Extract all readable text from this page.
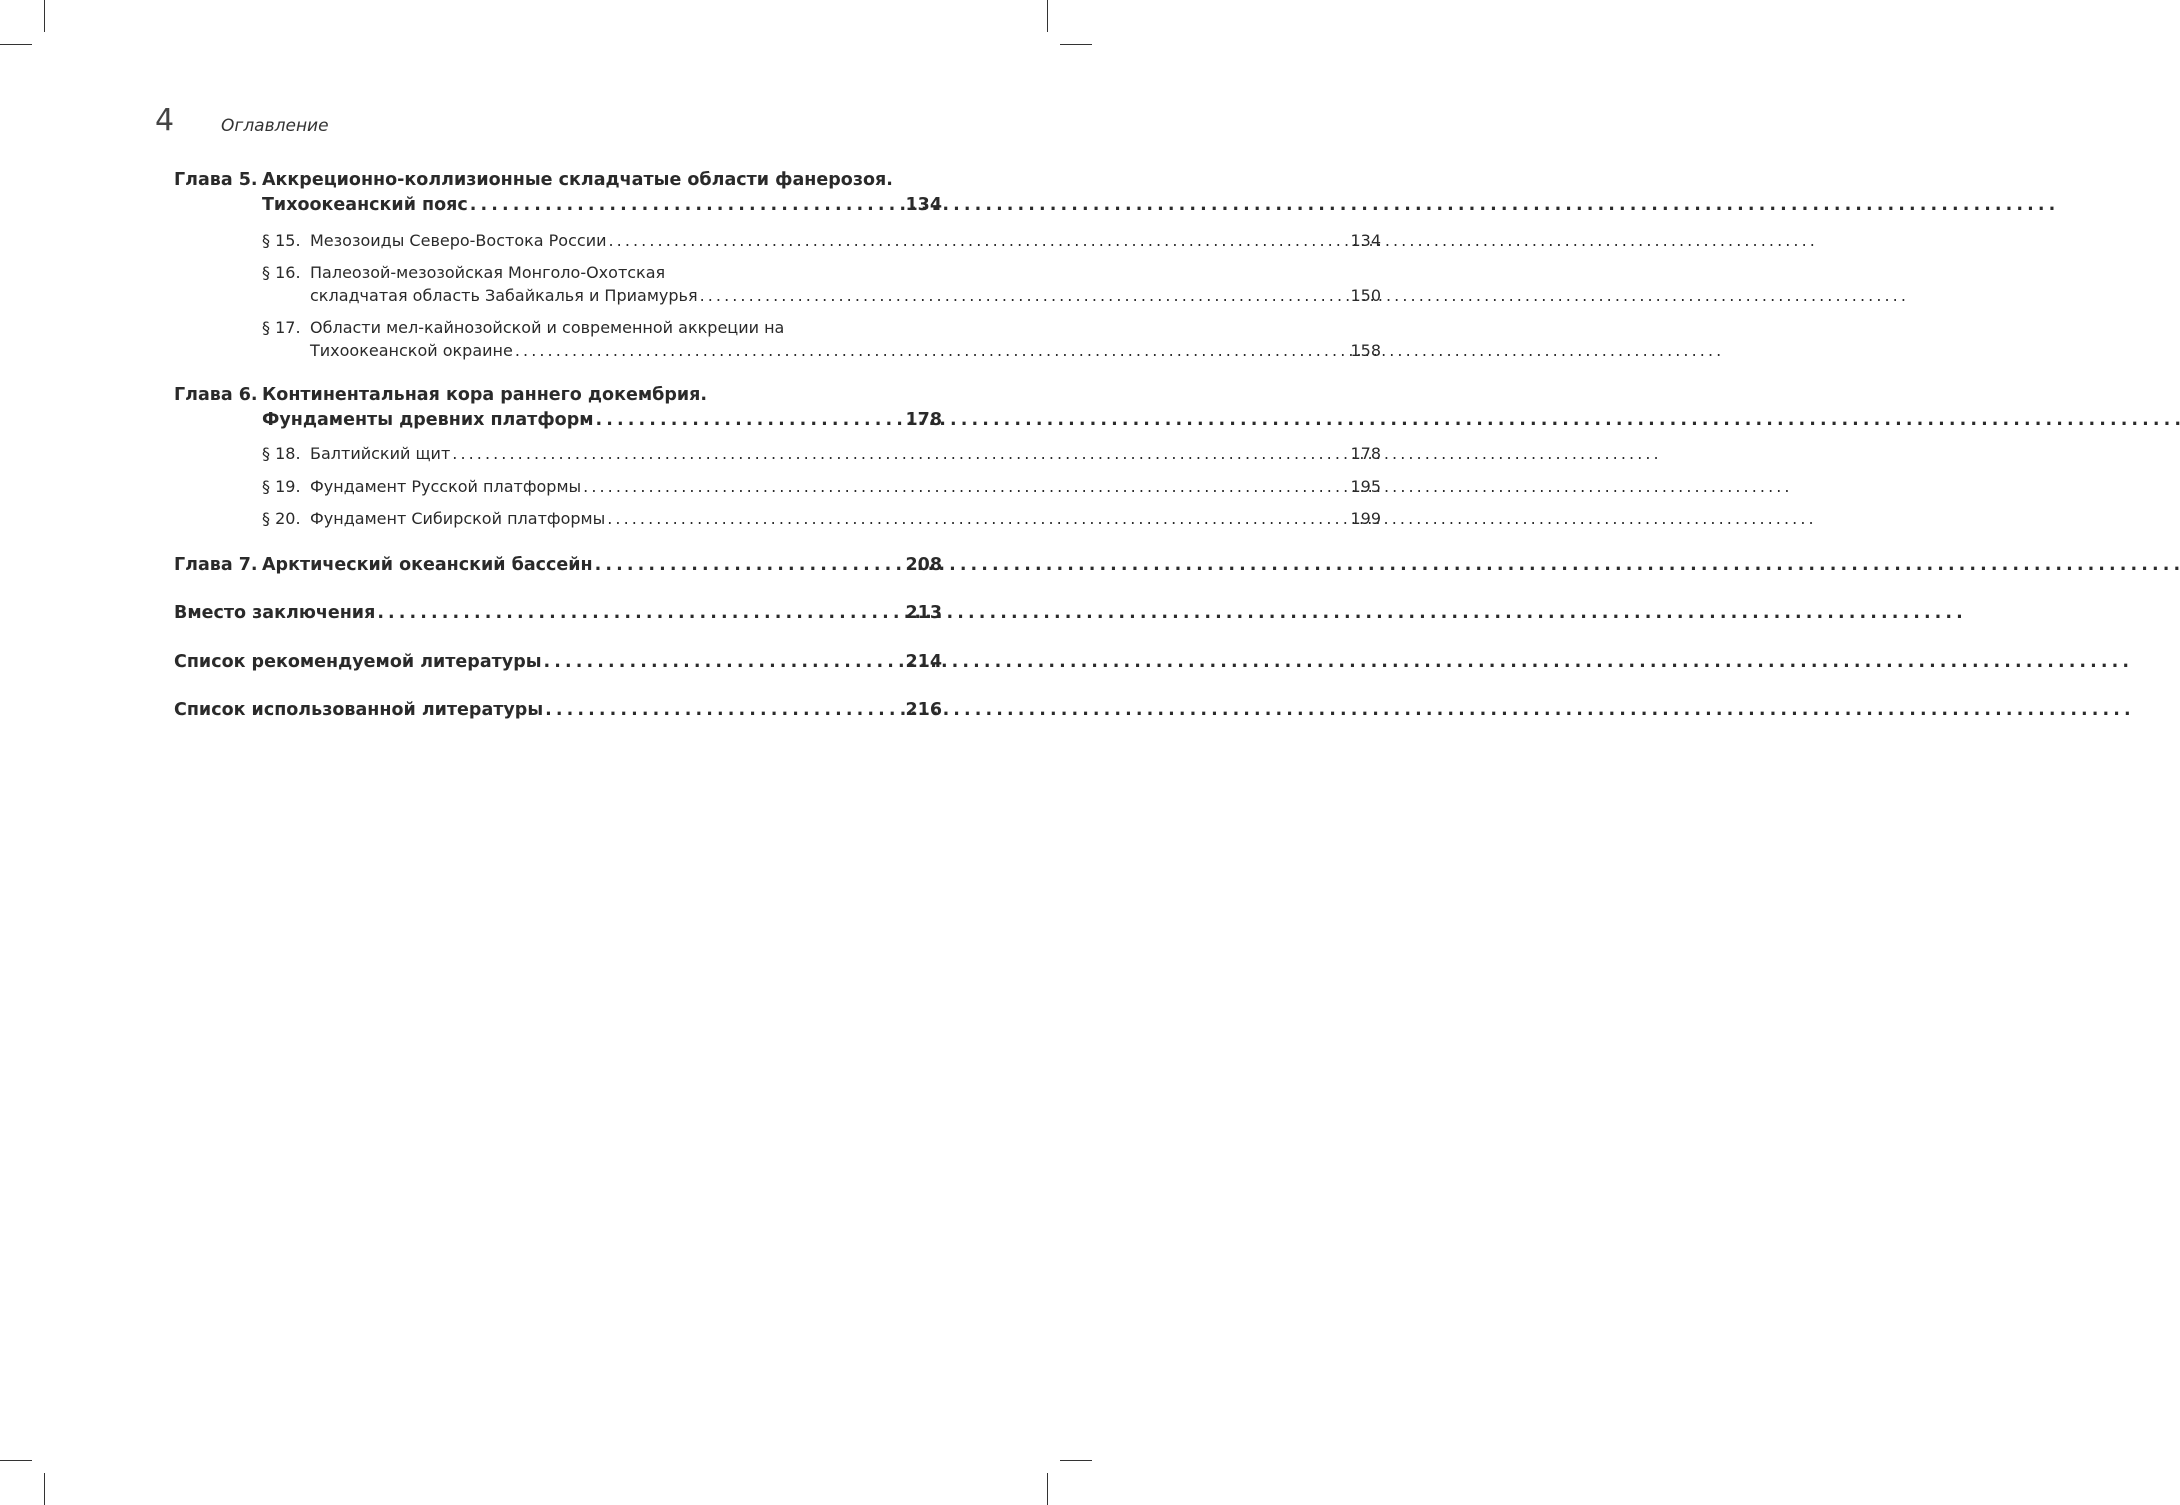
4	Оглавление
Глава 5. Аккреционно-коллизионные складчатые области фанерозоя.
Тихоокеанский пояс . . .	134
§ 15. Мезозоиды Северо-Востока России . . .	134
§ 16. Палеозой-мезозойская Монголо-Охотская
складчатая область Забайкалья и Приамурья . . .	150
§ 17. Области мел-кайнозойской и современной аккреции на
Тихоокеанской окраине . . .	158
Глава 6. Континентальная кора раннего докембрия.
Фундаменты древних платформ . . .	178
§ 18. Балтийский щит . . .	178
§ 19. Фундамент Русской платформы . . .	195
§ 20. Фундамент Сибирской платформы . . .	199
Глава 7. Арктический океанский бассейн . . .	208
Вместо заключения . . .	213
Список рекомендуемой литературы . . .	214
Список использованной литературы . . .	216
